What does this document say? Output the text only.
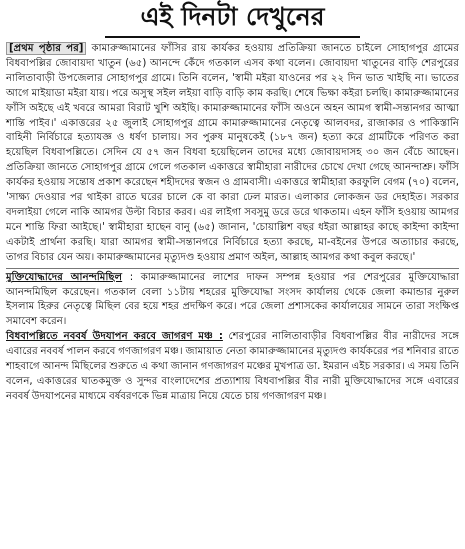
এই দিনটা দেখুনের

[প্রথম পৃষ্ঠার পর] কামারুজ্জামানের ফাঁসির রায় কার্যকর হওয়ায় প্রতিক্রিয়া জানতে চাইলে সোহাগপুর গ্রামের বিধবাপল্লির জোবায়দা খাতুন (৬৫) আনন্দে কেঁদে গতকাল এসব কথা বলেন। জোবায়দা খাতুনের বাড়ি শেরপুরের নালিতাবাড়ী উপজেলার সোহাগপুর গ্রামে। তিনি বলেন, 'স্বামী মইরা যাওনের পর ২২ দিন ভাত খাইছি না। ভাতের আগে মাইয়াডা মইরা যায়। পরে অসুস্থ সইল লইয়া বাড়ি বাড়ি কাম করছি। শেষে ভিক্ষা কইরা চলছি। কামারুজ্জামানের ফাঁসি অইছে এই খবরে আমরা বিরাট খুশি অইছি। কামারুজ্জামানের ফাঁসি অওনে অহন আমগ স্বামী-সন্তানগর আত্মা শান্তি পাইব।' একাত্তরের ২৫ জুলাই সোহাগপুর গ্রামে কামারুজ্জামানের নেতৃত্বে আলবদর, রাজাকার ও পাকিস্তানি বাহিনী নির্বিচারে হত্যাযজ্ঞ ও ধর্ষণ চালায়। সব পুরুষ মানুষকেই (১৮৭ জন) হত্যা করে গ্রামটিকে পরিণত করা হয়েছিল বিধবাপল্লিতে। সেদিন যে ৫৭ জন বিধবা হয়েছিলেন তাদের মধ্যে জোবায়দাসহ ৩০ জন বেঁচে আছেন। প্রতিক্রিয়া জানতে সোহাগপুর গ্রামে গেলে গতকাল একাত্তরে স্বামীহারা নারীদের চোখে দেখা গেছে আনন্দাশ্রু। ফাঁসি কার্যকর হওয়ায় সন্তোষ প্রকাশ করেছেন শহীদদের স্বজন ও গ্রামবাসী। একাত্তরে স্বামীহারা করফুলি বেগম (৭০) বলেন, 'সাক্ষ্য দেওয়ার পর থাইকা রাতে ঘরের চালে কে বা কারা ঢেল মারত। এলাকার লোকজন ডর দেহাইত। সরকার বদলাইয়া গেলে নাকি আমগর উল্টা বিচার করব। এর লাইগা সবসুমু ডরে ডরে থাকতাম। এহন ফাঁসি হওয়ায় আমগর মনে শান্তি ফিরা আইছে।' স্বামীহারা হাছেন বানু (৬৫) জানান, 'চোয়াল্লিশ বছর ধইরা আল্লাহর কাছে কাইন্দা কাইন্দা একটাই প্রার্থনা করছি। যারা আমগর স্বামী-সন্তানগরে নির্বিচারে হত্যা করছে, মা-বইনের উপরে অত্যাচার করছে, তাগর বিচার যেন অয়। কামারুজ্জামানের মৃত্যুদণ্ড হওয়ায় প্রমাণ অইল, আল্লাহ আমগর কথা কবুল করছে।'

মুক্তিযোদ্ধাদের আনন্দমিছিল : কামারুজ্জামানের লাশের দাফন সম্পন্ন হওয়ার পর শেরপুরের মুক্তিযোদ্ধারা আনন্দমিছিল করেছেন। গতকাল বেলা ১১টায় শহরের মুক্তিযোদ্ধা সংসদ কার্যালয় থেকে জেলা কমান্ডার নুরুল ইসলাম হিরুর নেতৃত্বে মিছিল বের হয়ে শহর প্রদক্ষিণ করে। পরে জেলা প্রশাসকের কার্যালয়ের সামনে তারা সংক্ষিপ্ত সমাবেশ করেন।

বিধবাপল্লিতে নববর্ষ উদযাপন করবে জাগরণ মঞ্চ : শেরপুরের নালিতাবাড়ীর বিধবাপল্লির বীর নারীদের সঙ্গে এবারের নববর্ষ পালন করবে গণজাগরণ মঞ্চ। জামায়াত নেতা কামারুজ্জামানের মৃত্যুদণ্ড কার্যকরের পর শনিবার রাতে শাহবাগে আনন্দ মিছিলের শুরুতে এ কথা জানান গণজাগরণ মঞ্চের মুখপাত্র ডা. ইমরান এইচ সরকার। এ সময় তিনি বলেন, একাত্তরের ঘাতকমুক্ত ও সুন্দর বাংলাদেশের প্রত্যাশায় বিধবাপল্লির বীর নারী মুক্তিযোদ্ধাদের সঙ্গে এবারের নববর্ষ উদযাপনের মাধ্যমে বর্ষবরণকে ভিন্ন মাত্রায় নিয়ে যেতে চায় গণজাগরণ মঞ্চ।
